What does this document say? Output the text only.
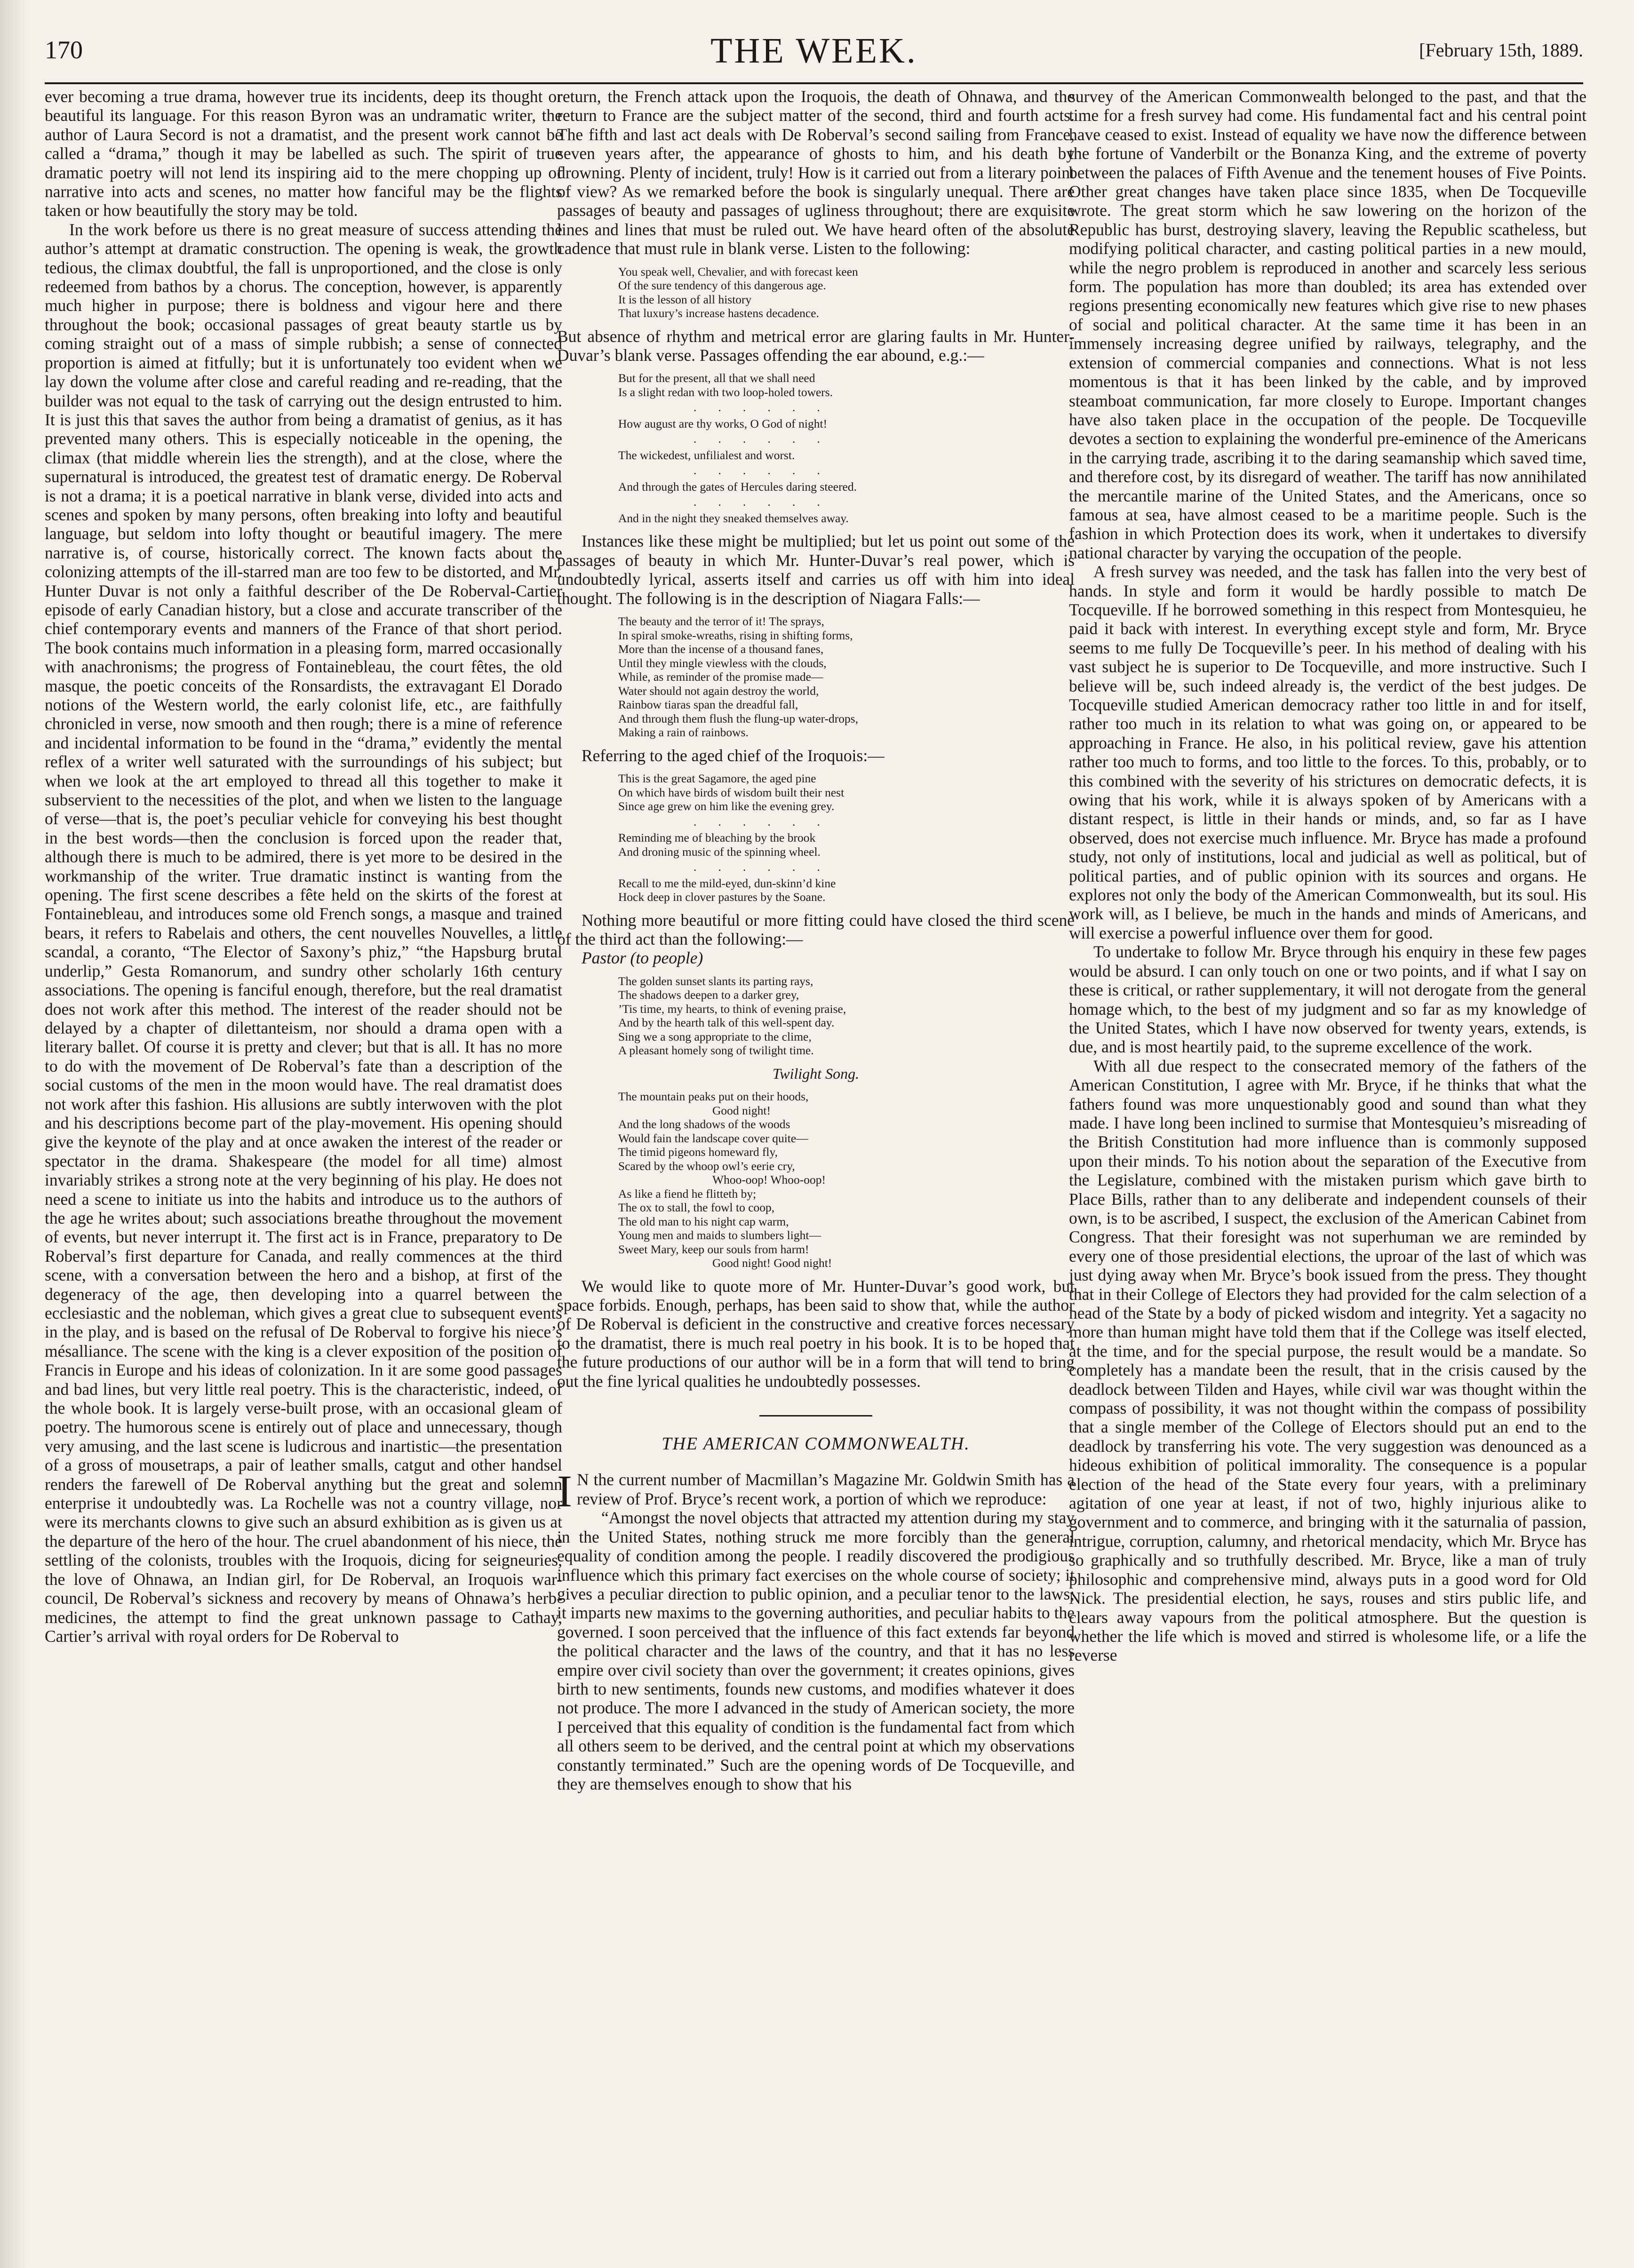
170	THE WEEK.	[February 15th, 1889.

ever becoming a true drama, however true its incidents, deep its thought or beautiful its language. For this reason Byron was an undramatic writer, the author of Laura Secord is not a dramatist, and the present work cannot be called a “drama,” though it may be labelled as such. The spirit of true dramatic poetry will not lend its inspiring aid to the mere chopping up of narrative into acts and scenes, no matter how fanciful may be the flights taken or how beautifully the story may be told.

In the work before us there is no great measure of success attending the author’s attempt at dramatic construction. The opening is weak, the growth tedious, the climax doubtful, the fall is unproportioned, and the close is only redeemed from bathos by a chorus. The conception, however, is apparently much higher in purpose; there is boldness and vigour here and there throughout the book; occasional passages of great beauty startle us by coming straight out of a mass of simple rubbish; a sense of connected proportion is aimed at fitfully; but it is unfortunately too evident when we lay down the volume after close and careful reading and re-reading, that the builder was not equal to the task of carrying out the design entrusted to him. It is just this that saves the author from being a dramatist of genius, as it has prevented many others. This is especially noticeable in the opening, the climax (that middle wherein lies the strength), and at the close, where the supernatural is introduced, the greatest test of dramatic energy. De Roberval is not a drama; it is a poetical narrative in blank verse, divided into acts and scenes and spoken by many persons, often breaking into lofty and beautiful language, but seldom into lofty thought or beautiful imagery. The mere narrative is, of course, historically correct. The known facts about the colonizing attempts of the ill-starred man are too few to be distorted, and Mr. Hunter Duvar is not only a faithful describer of the De Roberval-Cartier episode of early Canadian history, but a close and accurate transcriber of the chief contemporary events and manners of the France of that short period. The book contains much information in a pleasing form, marred occasionally with anachronisms; the progress of Fontainebleau, the court fêtes, the old masque, the poetic conceits of the Ronsardists, the extravagant El Dorado notions of the Western world, the early colonist life, etc., are faithfully chronicled in verse, now smooth and then rough; there is a mine of reference and incidental information to be found in the “drama,” evidently the mental reflex of a writer well saturated with the surroundings of his subject; but when we look at the art employed to thread all this together to make it subservient to the necessities of the plot, and when we listen to the language of verse—that is, the poet’s peculiar vehicle for conveying his best thought in the best words—then the conclusion is forced upon the reader that, although there is much to be admired, there is yet more to be desired in the workmanship of the writer. True dramatic instinct is wanting from the opening. The first scene describes a fête held on the skirts of the forest at Fontainebleau, and introduces some old French songs, a masque and trained bears, it refers to Rabelais and others, the cent nouvelles Nouvelles, a little scandal, a coranto, “The Elector of Saxony’s phiz,” “the Hapsburg brutal underlip,” Gesta Romanorum, and sundry other scholarly 16th century associations. The opening is fanciful enough, therefore, but the real dramatist does not work after this method. The interest of the reader should not be delayed by a chapter of dilettanteism, nor should a drama open with a literary ballet. Of course it is pretty and clever; but that is all. It has no more to do with the movement of De Roberval’s fate than a description of the social customs of the men in the moon would have. The real dramatist does not work after this fashion. His allusions are subtly interwoven with the plot and his descriptions become part of the play-movement. His opening should give the keynote of the play and at once awaken the interest of the reader or spectator in the drama. Shakespeare (the model for all time) almost invariably strikes a strong note at the very beginning of his play. He does not need a scene to initiate us into the habits and introduce us to the authors of the age he writes about; such associations breathe throughout the movement of events, but never interrupt it. The first act is in France, preparatory to De Roberval’s first departure for Canada, and really commences at the third scene, with a conversation between the hero and a bishop, at first of the degeneracy of the age, then developing into a quarrel between the ecclesiastic and the nobleman, which gives a great clue to subsequent events in the play, and is based on the refusal of De Roberval to forgive his niece’s mésalliance. The scene with the king is a clever exposition of the position of Francis in Europe and his ideas of colonization. In it are some good passages and bad lines, but very little real poetry. This is the characteristic, indeed, of the whole book. It is largely verse-built prose, with an occasional gleam of poetry. The humorous scene is entirely out of place and unnecessary, though very amusing, and the last scene is ludicrous and inartistic—the presentation of a gross of mousetraps, a pair of leather smalls, catgut and other handsel renders the farewell of De Roberval anything but the great and solemn enterprise it undoubtedly was. La Rochelle was not a country village, nor were its merchants clowns to give such an absurd exhibition as is given us at the departure of the hero of the hour. The cruel abandonment of his niece, the settling of the colonists, troubles with the Iroquois, dicing for seigneuries, the love of Ohnawa, an Indian girl, for De Roberval, an Iroquois war-council, De Roberval’s sickness and recovery by means of Ohnawa’s herb-medicines, the attempt to find the great unknown passage to Cathay, Cartier’s arrival with royal orders for De Roberval to

return, the French attack upon the Iroquois, the death of Ohnawa, and the return to France are the subject matter of the second, third and fourth acts. The fifth and last act deals with De Roberval’s second sailing from France, seven years after, the appearance of ghosts to him, and his death by drowning. Plenty of incident, truly! How is it carried out from a literary point of view? As we remarked before the book is singularly unequal. There are passages of beauty and passages of ugliness throughout; there are exquisite lines and lines that must be ruled out. We have heard often of the absolute cadence that must rule in blank verse. Listen to the following:

You speak well, Chevalier, and with forecast keen
Of the sure tendency of this dangerous age.
It is the lesson of all history
That luxury’s increase hastens decadence.

But absence of rhythm and metrical error are glaring faults in Mr. Hunter-Duvar’s blank verse. Passages offending the ear abound, e.g.:—

But for the present, all that we shall need
Is a slight redan with two loop-holed towers.
. . . . . .
How august are thy works, O God of night!
. . . . . .
The wickedest, unfilialest and worst.
. . . . . .
And through the gates of Hercules daring steered.
. . . . . .
And in the night they sneaked themselves away.

Instances like these might be multiplied; but let us point out some of the passages of beauty in which Mr. Hunter-Duvar’s real power, which is undoubtedly lyrical, asserts itself and carries us off with him into ideal thought. The following is in the description of Niagara Falls:—

The beauty and the terror of it! The sprays,
In spiral smoke-wreaths, rising in shifting forms,
More than the incense of a thousand fanes,
Until they mingle viewless with the clouds,
While, as reminder of the promise made—
Water should not again destroy the world,
Rainbow tiaras span the dreadful fall,
And through them flush the flung-up water-drops,
Making a rain of rainbows.

Referring to the aged chief of the Iroquois:—

This is the great Sagamore, the aged pine
On which have birds of wisdom built their nest
Since age grew on him like the evening grey.
. . . . . .
Reminding me of bleaching by the brook
And droning music of the spinning wheel.
. . . . . .
Recall to me the mild-eyed, dun-skinn’d kine
Hock deep in clover pastures by the Soane.

Nothing more beautiful or more fitting could have closed the third scene of the third act than the following:—

Pastor (to people)

The golden sunset slants its parting rays,
The shadows deepen to a darker grey,
’Tis time, my hearts, to think of evening praise,
And by the hearth talk of this well-spent day.
Sing we a song appropriate to the clime,
A pleasant homely song of twilight time.
Twilight Song.
The mountain peaks put on their hoods,
Good night!
And the long shadows of the woods
Would fain the landscape cover quite—
The timid pigeons homeward fly,
Scared by the whoop owl’s eerie cry,
Whoo-oop! Whoo-oop!
As like a fiend he flitteth by;
The ox to stall, the fowl to coop,
The old man to his night cap warm,
Young men and maids to slumbers light—
Sweet Mary, keep our souls from harm!
Good night! Good night!

We would like to quote more of Mr. Hunter-Duvar’s good work, but space forbids. Enough, perhaps, has been said to show that, while the author of De Roberval is deficient in the constructive and creative forces necessary to the dramatist, there is much real poetry in his book. It is to be hoped that the future productions of our author will be in a form that will tend to bring out the fine lyrical qualities he undoubtedly possesses.

THE AMERICAN COMMONWEALTH.

I N the current number of Macmillan’s Magazine Mr. Goldwin Smith has a review of Prof. Bryce’s recent work, a portion of which we reproduce:

“Amongst the novel objects that attracted my attention during my stay in the United States, nothing struck me more forcibly than the general equality of condition among the people. I readily discovered the prodigious influence which this primary fact exercises on the whole course of society; it gives a peculiar direction to public opinion, and a peculiar tenor to the laws; it imparts new maxims to the governing authorities, and peculiar habits to the governed. I soon perceived that the influence of this fact extends far beyond the political character and the laws of the country, and that it has no less empire over civil society than over the government; it creates opinions, gives birth to new sentiments, founds new customs, and modifies whatever it does not produce. The more I advanced in the study of American society, the more I perceived that this equality of condition is the fundamental fact from which all others seem to be derived, and the central point at which my observations constantly terminated.” Such are the opening words of De Tocqueville, and they are themselves enough to show that his

survey of the American Commonwealth belonged to the past, and that the time for a fresh survey had come. His fundamental fact and his central point have ceased to exist. Instead of equality we have now the difference between the fortune of Vanderbilt or the Bonanza King, and the extreme of poverty between the palaces of Fifth Avenue and the tenement houses of Five Points. Other great changes have taken place since 1835, when De Tocqueville wrote. The great storm which he saw lowering on the horizon of the Republic has burst, destroying slavery, leaving the Republic scatheless, but modifying political character, and casting political parties in a new mould, while the negro problem is reproduced in another and scarcely less serious form. The population has more than doubled; its area has extended over regions presenting economically new features which give rise to new phases of social and political character. At the same time it has been in an immensely increasing degree unified by railways, telegraphy, and the extension of commercial companies and connections. What is not less momentous is that it has been linked by the cable, and by improved steamboat communication, far more closely to Europe. Important changes have also taken place in the occupation of the people. De Tocqueville devotes a section to explaining the wonderful pre-eminence of the Americans in the carrying trade, ascribing it to the daring seamanship which saved time, and therefore cost, by its disregard of weather. The tariff has now annihilated the mercantile marine of the United States, and the Americans, once so famous at sea, have almost ceased to be a maritime people. Such is the fashion in which Protection does its work, when it undertakes to diversify national character by varying the occupation of the people.

A fresh survey was needed, and the task has fallen into the very best of hands. In style and form it would be hardly possible to match De Tocqueville. If he borrowed something in this respect from Montesquieu, he paid it back with interest. In everything except style and form, Mr. Bryce seems to me fully De Tocqueville’s peer. In his method of dealing with his vast subject he is superior to De Tocqueville, and more instructive. Such I believe will be, such indeed already is, the verdict of the best judges. De Tocqueville studied American democracy rather too little in and for itself, rather too much in its relation to what was going on, or appeared to be approaching in France. He also, in his political review, gave his attention rather too much to forms, and too little to the forces. To this, probably, or to this combined with the severity of his strictures on democratic defects, it is owing that his work, while it is always spoken of by Americans with a distant respect, is little in their hands or minds, and, so far as I have observed, does not exercise much influence. Mr. Bryce has made a profound study, not only of institutions, local and judicial as well as political, but of political parties, and of public opinion with its sources and organs. He explores not only the body of the American Commonwealth, but its soul. His work will, as I believe, be much in the hands and minds of Americans, and will exercise a powerful influence over them for good.

To undertake to follow Mr. Bryce through his enquiry in these few pages would be absurd. I can only touch on one or two points, and if what I say on these is critical, or rather supplementary, it will not derogate from the general homage which, to the best of my judgment and so far as my knowledge of the United States, which I have now observed for twenty years, extends, is due, and is most heartily paid, to the supreme excellence of the work.

With all due respect to the consecrated memory of the fathers of the American Constitution, I agree with Mr. Bryce, if he thinks that what the fathers found was more unquestionably good and sound than what they made. I have long been inclined to surmise that Montesquieu’s misreading of the British Constitution had more influence than is commonly supposed upon their minds. To his notion about the separation of the Executive from the Legislature, combined with the mistaken purism which gave birth to Place Bills, rather than to any deliberate and independent counsels of their own, is to be ascribed, I suspect, the exclusion of the American Cabinet from Congress. That their foresight was not superhuman we are reminded by every one of those presidential elections, the uproar of the last of which was just dying away when Mr. Bryce’s book issued from the press. They thought that in their College of Electors they had provided for the calm selection of a head of the State by a body of picked wisdom and integrity. Yet a sagacity no more than human might have told them that if the College was itself elected, at the time, and for the special purpose, the result would be a mandate. So completely has a mandate been the result, that in the crisis caused by the deadlock between Tilden and Hayes, while civil war was thought within the compass of possibility, it was not thought within the compass of possibility that a single member of the College of Electors should put an end to the deadlock by transferring his vote. The very suggestion was denounced as a hideous exhibition of political immorality. The consequence is a popular election of the head of the State every four years, with a preliminary agitation of one year at least, if not of two, highly injurious alike to government and to commerce, and bringing with it the saturnalia of passion, intrigue, corruption, calumny, and rhetorical mendacity, which Mr. Bryce has so graphically and so truthfully described. Mr. Bryce, like a man of truly philosophic and comprehensive mind, always puts in a good word for Old Nick. The presidential election, he says, rouses and stirs public life, and clears away vapours from the political atmosphere. But the question is whether the life which is moved and stirred is wholesome life, or a life the reverse
